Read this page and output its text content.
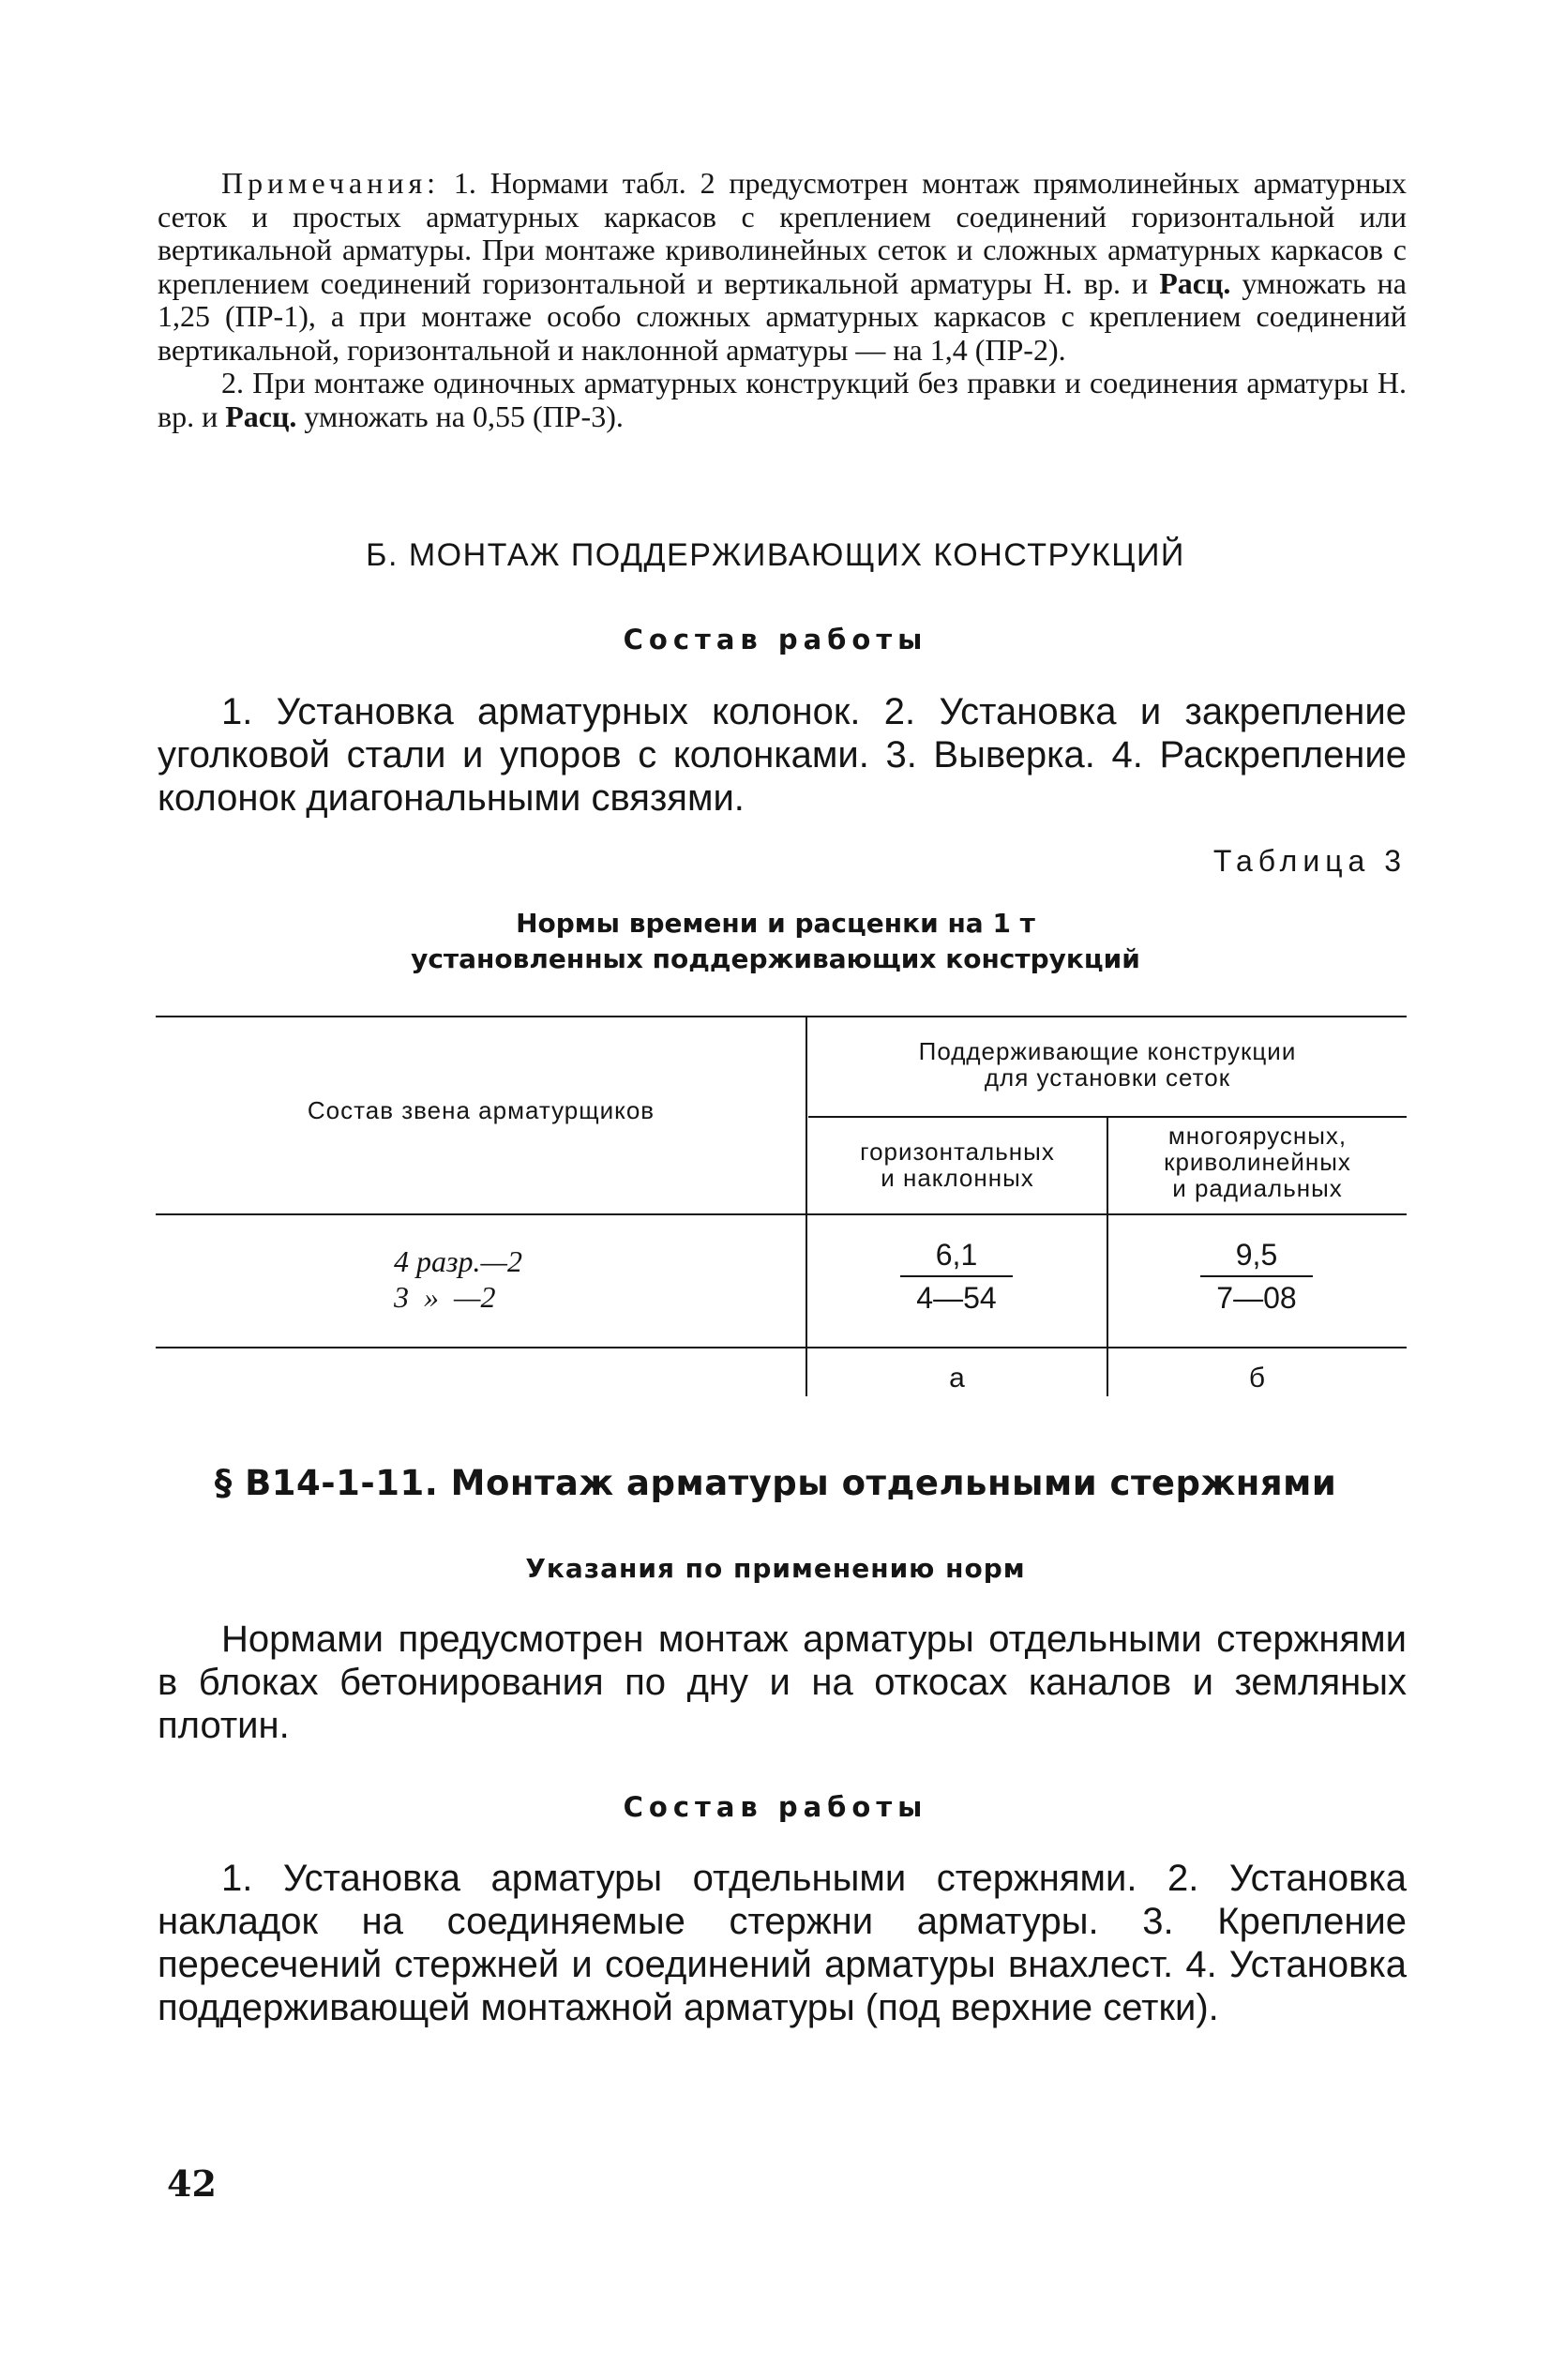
Примечания: 1. Нормами табл. 2 предусмотрен монтаж прямолинейных арматурных сеток и простых арматурных каркасов с креплением соединений горизонтальной или вертикальной арматуры. При монтаже криволинейных сеток и сложных арматурных каркасов с креплением соединений горизонтальной и вертикальной арматуры Н. вр. и Расц. умножать на 1,25 (ПР-1), а при монтаже особо сложных арматурных каркасов с креплением соединений вертикальной, горизонтальной и наклонной арматуры — на 1,4 (ПР-2).

2. При монтаже одиночных арматурных конструкций без правки и соединения арматуры Н. вр. и Расц. умножать на 0,55 (ПР-3).

Б. МОНТАЖ ПОДДЕРЖИВАЮЩИХ КОНСТРУКЦИЙ
Состав работы

1. Установка арматурных колонок. 2. Установка и закрепление уголковой стали и упоров с колонками. 3. Выверка. 4. Раскрепление колонок диагональными связями.

Таблица 3
Нормы времени и расценки на 1 т
установленных поддерживающих конструкций
Состав звена арматурщиков
Поддерживающие конструкции
для установки сеток
горизонтальных
и наклонных
многоярусных,
криволинейных
и радиальных
4 разр.—2
3  »  —2
6,1
4—54
9,5
7—08
а	б
§ В14-1-11. Монтаж арматуры отдельными стержнями
Указания по применению норм

Нормами предусмотрен монтаж арматуры отдельными стержнями в блоках бетонирования по дну и на откосах каналов и земляных плотин.

Состав работы

1. Установка арматуры отдельными стержнями. 2. Установка накладок на соединяемые стержни арматуры. 3. Крепление пересечений стержней и соединений арматуры внахлест. 4. Установка поддерживающей монтажной арматуры (под верхние сетки).

42
